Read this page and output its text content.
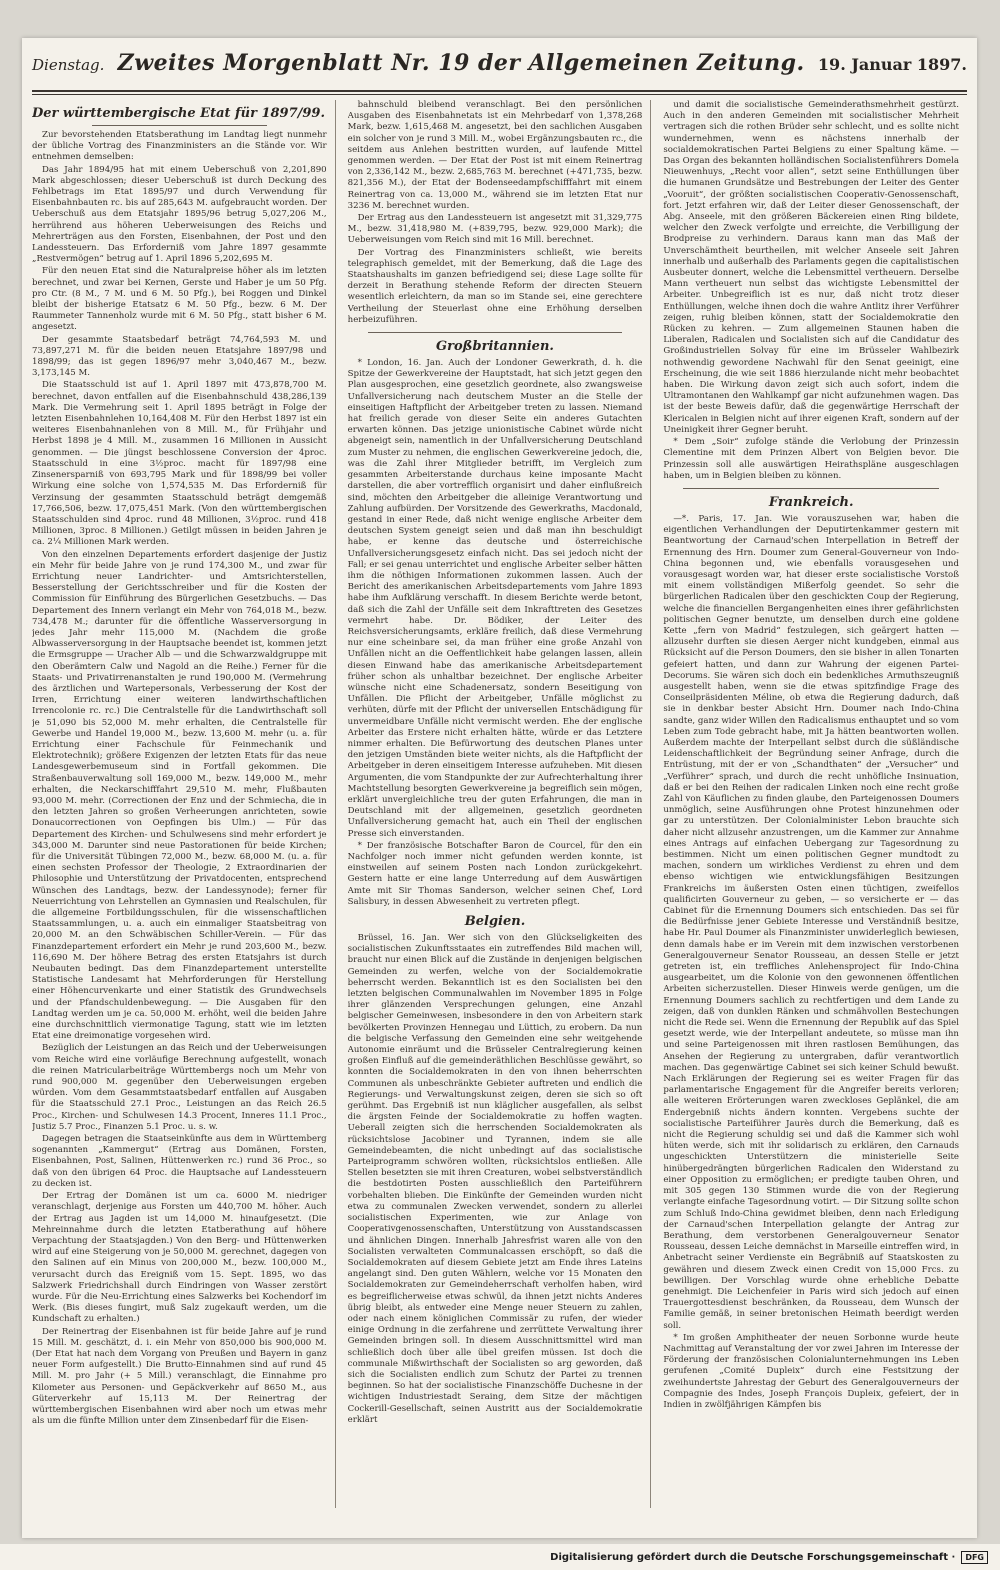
Dienstag. Zweites Morgenblatt Nr. 19 der Allgemeinen Zeitung. 19. Januar 1897.
Der württembergische Etat für 1897/99.

Zur bevorstehenden Etatsberathung im Landtag liegt nunmehr der übliche Vortrag des Finanzministers an die Stände vor. Wir entnehmen demselben:

Das Jahr 1894/95 hat mit einem Ueberschuß von 2,201,890 Mark abgeschlossen; dieser Ueberschuß ist durch Deckung des Fehlbetrags im Etat 1895/97 und durch Verwendung für Eisenbahnbauten rc. bis auf 285,643 M. aufgebraucht worden. Der Ueberschuß aus dem Etatsjahr 1895/96 betrug 5,027,206 M., herrührend aus höheren Ueberweisungen des Reichs und Mehrerträgen aus den Forsten, Eisenbahnen, der Post und den Landessteuern. Das Erforderniß vom Jahre 1897 gesammte „Restvermögen“ betrug auf 1. April 1896 5,202,695 M.

Für den neuen Etat sind die Naturalpreise höher als im letzten berechnet, und zwar bei Kernen, Gerste und Haber je um 50 Pfg. pro Ctr. (8 M., 7 M. und 6 M. 50 Pfg.), bei Roggen und Dinkel bleibt der bisherige Etatsatz 6 M. 50 Pfg., bezw. 6 M. Der Raummeter Tannenholz wurde mit 6 M. 50 Pfg., statt bisher 6 M. angesetzt.

Der gesammte Staatsbedarf beträgt 74,764,593 M. und 73,897,271 M. für die beiden neuen Etatsjahre 1897/98 und 1898/99; das ist gegen 1896/97 mehr 3,040,467 M., bezw. 3,173,145 M.

Die Staatsschuld ist auf 1. April 1897 mit 473,878,700 M. berechnet, davon entfallen auf die Eisenbahnschuld 438,286,139 Mark. Die Vermehrung seit 1. April 1895 beträgt in Folge der letzten Eisenbahnlehen 10,164,408 M. Für den Herbst 1897 ist ein weiteres Eisenbahnanlehen von 8 Mill. M., für Frühjahr und Herbst 1898 je 4 Mill. M., zusammen 16 Millionen in Aussicht genommen. — Die jüngst beschlossene Conversion der 4proc. Staatsschuld in eine 3½proc. macht für 1897/98 eine Zinsenersparniß von 693,795 Mark und für 1898/99 bei voller Wirkung eine solche von 1,574,535 M. Das Erforderniß für Verzinsung der gesammten Staatsschuld beträgt demgemäß 17,766,506, bezw. 17,075,451 Mark. (Von den württembergischen Staatsschulden sind 4proc. rund 48 Millionen, 3½proc. rund 418 Millionen, 3proc. 8 Millionen.) Getilgt müssen in beiden Jahren je ca. 2¼ Millionen Mark werden.

Von den einzelnen Departements erfordert dasjenige der Justiz ein Mehr für beide Jahre von je rund 174,300 M., und zwar für Errichtung neuer Landrichter- und Amtsrichterstellen, Besserstellung der Gerichtsschreiber und für die Kosten der Commission für Einführung des Bürgerlichen Gesetzbuchs. — Das Departement des Innern verlangt ein Mehr von 764,018 M., bezw. 734,478 M.; darunter für die öffentliche Wasserversorgung in jedes Jahr mehr 115,000 M. (Nachdem die große Albwasserversorgung in der Hauptsache beendet ist, kommen jetzt die Ermsgruppe — Uracher Alb — und die Schwarzwaldgruppe mit den Oberämtern Calw und Nagold an die Reihe.) Ferner für die Staats- und Privatirrenanstalten je rund 190,000 M. (Vermehrung des ärztlichen und Wartepersonals, Verbesserung der Kost der Irren, Errichtung einer weiteren landwirthschaftlichen Irrencolonie rc. rc.) Die Centralstelle für die Landwirthschaft soll je 51,090 bis 52,000 M. mehr erhalten, die Centralstelle für Gewerbe und Handel 19,000 M., bezw. 13,600 M. mehr (u. a. für Errichtung einer Fachschule für Feinmechanik und Elektrotechnik); größere Exigenzen der letzten Etats für das neue Landesgewerbemuseum sind in Fortfall gekommen. Die Straßenbauverwaltung soll 169,000 M., bezw. 149,000 M., mehr erhalten, die Neckarschifffahrt 29,510 M. mehr, Flußbauten 93,000 M. mehr. (Correctionen der Enz und der Schmiecha, die in den letzten Jahren so großen Verheerungen anrichteten, sowie Donaucorrectionen von Oepfingen bis Ulm.) — Für das Departement des Kirchen- und Schulwesens sind mehr erfordert je 343,000 M. Darunter sind neue Pastorationen für beide Kirchen; für die Universität Tübingen 72,000 M., bezw. 68,000 M. (u. a. für einen sechsten Professor der Theologie, 2 Extraordinarien der Philosophie und Unterstützung der Privatdocenten, entsprechend Wünschen des Landtags, bezw. der Landessynode); ferner für Neuerrichtung von Lehrstellen an Gymnasien und Realschulen, für die allgemeine Fortbildungsschulen, für die wissenschaftlichen Staatssammlungen, u. a. auch ein einmaliger Staatsbeitrag von 20,000 M. an den Schwäbischen Schiller-Verein. — Für das Finanzdepartement erfordert ein Mehr je rund 203,600 M., bezw. 116,690 M. Der höhere Betrag des ersten Etatsjahrs ist durch Neubauten bedingt. Das dem Finanzdepartement unterstellte Statistische Landesamt hat Mehrforderungen für Herstellung einer Höhencurvenkarte und einer Statistik des Grundwechsels und der Pfandschuldenbewegung. — Die Ausgaben für den Landtag werden um je ca. 50,000 M. erhöht, weil die beiden Jahre eine durchschnittlich viermonatige Tagung, statt wie im letzten Etat eine dreimonatige vorgesehen wird.

Bezüglich der Leistungen an das Reich und der Ueberweisungen vom Reiche wird eine vorläufige Berechnung aufgestellt, wonach die reinen Matricularbeiträge Württembergs noch um Mehr von rund 900,000 M. gegenüber den Ueberweisungen ergeben würden. Vom dem Gesammtstaatsbedarf entfallen auf Ausgaben für die Staatsschuld 27.1 Proc., Leistungen an das Reich 26.5 Proc., Kirchen- und Schulwesen 14.3 Procent, Inneres 11.1 Proc., Justiz 5.7 Proc., Finanzen 5.1 Proc. u. s. w.

Dagegen betragen die Staatseinkünfte aus dem in Württemberg sogenannten „Kammergut“ (Ertrag aus Domänen, Forsten, Eisenbahnen, Post, Salinen, Hüttenwerken rc.) rund 36 Proc., so daß von den übrigen 64 Proc. die Hauptsache auf Landessteuern zu decken ist.

Der Ertrag der Domänen ist um ca. 6000 M. niedriger veranschlagt, derjenige aus Forsten um 440,700 M. höher. Auch der Ertrag aus Jagden ist um 14,000 M. hinaufgesetzt. (Die Mehreinnahme durch die letzten Etatberathung auf höhere Verpachtung der Staatsjagden.) Von den Berg- und Hüttenwerken wird auf eine Steigerung von je 50,000 M. gerechnet, dagegen von den Salinen auf ein Minus von 200,000 M., bezw. 100,000 M., verursacht durch das Ereigniß vom 15. Sept. 1895, wo das Salzwerk Friedrichshall durch Eindringen von Wasser zerstört wurde. Für die Neu-Errichtung eines Salzwerks bei Kochendorf im Werk. (Bis dieses fungirt, muß Salz zugekauft werden, um die Kundschaft zu erhalten.)

Der Reinertrag der Eisenbahnen ist für beide Jahre auf je rund 15 Mill. M. geschätzt, d. i. ein Mehr von 850,000 bis 900,000 M. (Der Etat hat nach dem Vorgang von Preußen und Bayern in ganz neuer Form aufgestellt.) Die Brutto-Einnahmen sind auf rund 45 Mill. M. pro Jahr (+ 5 Mill.) veranschlagt, die Einnahme pro Kilometer aus Personen- und Gepäckverkehr auf 8650 M., aus Güterverkehr auf 15,113 M. Der Reinertrag der württembergischen Eisenbahnen wird aber noch um etwas mehr als um die fünfte Million unter dem Zinsenbedarf für die Eisen-

bahnschuld bleibend veranschlagt. Bei den persönlichen Ausgaben des Eisenbahnetats ist ein Mehrbedarf von 1,378,268 Mark, bezw. 1,615,468 M. angesetzt, bei den sachlichen Ausgaben ein solcher von je rund 3 Mill. M., wobei Ergänzungsbauten rc., die seitdem aus Anlehen bestritten wurden, auf laufende Mittel genommen werden. — Der Etat der Post ist mit einem Reinertrag von 2,336,142 M., bezw. 2,685,763 M. berechnet (+471,735, bezw. 821,356 M.), der Etat der Bodenseedampfschifffahrt mit einem Reinertrag von ca. 13,000 M., während sie im letzten Etat nur 3236 M. berechnet wurden.

Der Ertrag aus den Landessteuern ist angesetzt mit 31,329,775 M., bezw. 31,418,980 M. (+839,795, bezw. 929,000 Mark); die Ueberweisungen vom Reich sind mit 16 Mill. berechnet.

Der Vortrag des Finanzministers schließt, wie bereits telegraphisch gemeldet, mit der Bemerkung, daß die Lage des Staatshaushalts im ganzen befriedigend sei; diese Lage sollte für derzeit in Berathung stehende Reform der directen Steuern wesentlich erleichtern, da man so im Stande sei, eine gerechtere Vertheilung der Steuerlast ohne eine Erhöhung derselben herbeizuführen.

Großbritannien.

* London, 16. Jan. Auch der Londoner Gewerkrath, d. h. die Spitze der Gewerkvereine der Hauptstadt, hat sich jetzt gegen den Plan ausgesprochen, eine gesetzlich geordnete, also zwangsweise Unfallversicherung nach deutschem Muster an die Stelle der einseitigen Haftpflicht der Arbeitgeber treten zu lassen. Niemand hat freilich gerade von dieser Seite ein anderes Gutachten erwarten können. Das jetzige unionistische Cabinet würde nicht abgeneigt sein, namentlich in der Unfallversicherung Deutschland zum Muster zu nehmen, die englischen Gewerkvereine jedoch, die, was die Zahl ihrer Mitglieder betrifft, im Vergleich zum gesammten Arbeiterstande durchaus keine imposante Macht darstellen, die aber vortrefflich organisirt und daher einflußreich sind, möchten den Arbeitgeber die alleinige Verantwortung und Zahlung aufbürden. Der Vorsitzende des Gewerkraths, Macdonald, gestand in einer Rede, daß nicht wenige englische Arbeiter dem deutschen System geneigt seien und daß man ihn beschuldigt habe, er kenne das deutsche und österreichische Unfallversicherungsgesetz einfach nicht. Das sei jedoch nicht der Fall; er sei genau unterrichtet und englische Arbeiter selber hätten ihm die nöthigen Informationen zukommen lassen. Auch der Bericht des amerikanischen Arbeitsdepartements vom Jahre 1893 habe ihm Aufklärung verschafft. In diesem Berichte werde betont, daß sich die Zahl der Unfälle seit dem Inkrafttreten des Gesetzes vermehrt habe. Dr. Bödiker, der Leiter des Reichsversicherungsamts, erkläre freilich, daß diese Vermehrung nur eine scheinbare sei, da man früher eine große Anzahl von Unfällen nicht an die Oeffentlichkeit habe gelangen lassen, allein diesen Einwand habe das amerikanische Arbeitsdepartement früher schon als unhaltbar bezeichnet. Der englische Arbeiter wünsche nicht eine Schadenersatz, sondern Beseitigung von Unfällen. Die Pflicht der Arbeitgeber, Unfälle möglichst zu verhüten, dürfe mit der Pflicht der universellen Entschädigung für unvermeidbare Unfälle nicht vermischt werden. Ehe der englische Arbeiter das Erstere nicht erhalten hätte, würde er das Letztere nimmer erhalten. Die Befürwortung des deutschen Planes unter den jetzigen Umständen biete weiter nichts, als die Haftpflicht der Arbeitgeber in deren einseitigem Interesse aufzuheben. Mit diesen Argumenten, die vom Standpunkte der zur Aufrechterhaltung ihrer Machtstellung besorgten Gewerkvereine ja begreiflich sein mögen, erklärt unvergleichliche treu der guten Erfahrungen, die man in Deutschland mit der allgemeinen, gesetzlich geordneten Unfallversicherung gemacht hat, auch ein Theil der englischen Presse sich einverstanden.

* Der französische Botschafter Baron de Courcel, für den ein Nachfolger noch immer nicht gefunden werden konnte, ist einstweilen auf seinem Posten nach London zurückgekehrt. Gestern hatte er eine lange Unterredung auf dem Auswärtigen Amte mit Sir Thomas Sanderson, welcher seinen Chef, Lord Salisbury, in dessen Abwesenheit zu vertreten pflegt.

Belgien.

Brüssel, 16. Jan. Wer sich von den Glückseligkeiten des socialistischen Zukunftsstaates ein zutreffendes Bild machen will, braucht nur einen Blick auf die Zustände in denjenigen belgischen Gemeinden zu werfen, welche von der Socialdemokratie beherrscht werden. Bekanntlich ist es den Socialisten bei den letzten belgischen Communalwahlen im November 1895 in Folge ihrer glänzenden Versprechungen gelungen, eine Anzahl belgischer Gemeinwesen, insbesondere in den von Arbeitern stark bevölkerten Provinzen Hennegau und Lüttich, zu erobern. Da nun die belgische Verfassung den Gemeinden eine sehr weitgehende Autonomie einräumt und die Brüsseler Centralregierung keinen großen Einfluß auf die gemeinderäthlichen Beschlüsse gewährt, so konnten die Socialdemokraten in den von ihnen beherrschten Communen als unbeschränkte Gebieter auftreten und endlich die Regierungs- und Verwaltungskunst zeigen, deren sie sich so oft gerühmt. Das Ergebniß ist nun kläglicher ausgefallen, als selbst die ärgsten Feinde der Socialdemokratie zu hoffen wagten. Ueberall zeigten sich die herrschenden Socialdemokraten als rücksichtslose Jacobiner und Tyrannen, indem sie alle Gemeindebeamten, die nicht unbedingt auf das socialistische Parteiprogramm schwören wollten, rücksichtslos entließen. Alle Stellen besetzten sie mit ihren Creaturen, wobei selbstverständlich die bestdotirten Posten ausschließlich den Parteiführern vorbehalten blieben. Die Einkünfte der Gemeinden wurden nicht etwa zu communalen Zwecken verwendet, sondern zu allerlei socialistischen Experimenten, wie zur Anlage von Cooperativgenossenschaften, Unterstützung von Ausstandscassen und ähnlichen Dingen. Innerhalb Jahresfrist waren alle von den Socialisten verwalteten Communalcassen erschöpft, so daß die Socialdemokraten auf diesem Gebiete jetzt am Ende ihres Lateins angelangt sind. Den guten Wählern, welche vor 15 Monaten den Socialdemokraten zur Gemeindeherrschaft verholfen haben, wird es begreiflicherweise etwas schwül, da ihnen jetzt nichts Anderes übrig bleibt, als entweder eine Menge neuer Steuern zu zahlen, oder nach einem königlichen Commissär zu rufen, der wieder einige Ordnung in die zerfahrene und zerrüttete Verwaltung ihrer Gemeinden bringen soll. In diesem Ausschnittsmittel wird man schließlich doch über alle übel greifen müssen. Ist doch die communale Mißwirthschaft der Socialisten so arg geworden, daß sich die Socialisten endlich zum Schutz der Partei zu trennen beginnen. So hat der socialistische Finanzschöffe Duchesne in der wichtigen Industriestadt Seraing, dem Sitze der mächtigen Cockerill-Gesellschaft, seinen Austritt aus der Socialdemokratie erklärt

und damit die socialistische Gemeinderathsmehrheit gestürzt. Auch in den anderen Gemeinden mit socialistischer Mehrheit vertragen sich die rothen Brüder sehr schlecht, und es sollte nicht wundernehmen, wenn es nächstens innerhalb der socialdemokratischen Partei Belgiens zu einer Spaltung käme. — Das Organ des bekannten holländischen Socialistenführers Domela Nieuwenhuys, „Recht voor allen“, setzt seine Enthüllungen über die humanen Grundsätze und Bestrebungen der Leiter des Genter „Vooruit“, der größten socialistischen Cooperativ-Genossenschaft, fort. Jetzt erfahren wir, daß der Leiter dieser Genossenschaft, der Abg. Anseele, mit den größeren Bäckereien einen Ring bildete, welcher den Zweck verfolgte und erreichte, die Verbilligung der Brodpreise zu verhindern. Daraus kann man das Maß der Unverschämtheit beurtheilen, mit welcher Anseele seit Jahren innerhalb und außerhalb des Parlaments gegen die capitalistischen Ausbeuter donnert, welche die Lebensmittel vertheuern. Derselbe Mann vertheuert nun selbst das wichtigste Lebensmittel der Arbeiter. Unbegreiflich ist es nur, daß nicht trotz dieser Enthüllungen, welche ihnen doch die wahre Antlitz ihrer Verführer zeigen, ruhig bleiben können, statt der Socialdemokratie den Rücken zu kehren. — Zum allgemeinen Staunen haben die Liberalen, Radicalen und Socialisten sich auf die Candidatur des Großindustriellen Solvay für eine im Brüsseler Wahlbezirk nothwendig gewordene Nachwahl für den Senat geeinigt, eine Erscheinung, die wie seit 1886 hierzulande nicht mehr beobachtet haben. Die Wirkung davon zeigt sich auch sofort, indem die Ultramontanen den Wahlkampf gar nicht aufzunehmen wagen. Das ist der beste Beweis dafür, daß die gegenwärtige Herrschaft der Klericalen in Belgien nicht auf ihrer eigenen Kraft, sondern auf der Uneinigkeit ihrer Gegner beruht.

* Dem „Soir“ zufolge stände die Verlobung der Prinzessin Clementine mit dem Prinzen Albert von Belgien bevor. Die Prinzessin soll alle auswärtigen Heirathspläne ausgeschlagen haben, um in Belgien bleiben zu können.

Frankreich.

—*. Paris, 17. Jan. Wie vorauszusehen war, haben die eigentlichen Verhandlungen der Deputirtenkammer gestern mit Beantwortung der Carnaud'schen Interpellation in Betreff der Ernennung des Hrn. Doumer zum General-Gouverneur von Indo-China begonnen und, wie ebenfalls vorausgesehen und vorausgesagt worden war, hat dieser erste socialistische Vorstoß mit einem vollständigen Mißerfolg geendet. So sehr die bürgerlichen Radicalen über den geschickten Coup der Regierung, welche die financiellen Bergangenheiten eines ihrer gefährlichsten politischen Gegner benutzte, um denselben durch eine goldene Kette „fern von Madrid“ festzulegen, sich geärgert hatten — allzusehr durften sie diesen Aerger nicht kundgeben, einmal aus Rücksicht auf die Person Doumers, den sie bisher in allen Tonarten gefeiert hatten, und dann zur Wahrung der eigenen Partei-Decorums. Sie wären sich doch ein bedenkliches Armuthszeugniß ausgestellt haben, wenn sie die etwas spitzfindige Frage des Conseilpräsidenten Méline, ob etwa die Regierung dadurch, daß sie in denkbar bester Absicht Hrn. Doumer nach Indo-China sandte, ganz wider Willen den Radicalismus enthauptet und so vom Leben zum Tode gebracht habe, mit Ja hätten beantworten wollen. Außerdem machte der Interpellant selbst durch die süßländische Leidenschaftlichkeit der Begründung seiner Anfrage, durch die Entrüstung, mit der er von „Schandthaten“ der „Versucher“ und „Verführer“ sprach, und durch die recht unhöfliche Insinuation, daß er bei den Reihen der radicalen Linken noch eine recht große Zahl von Käuflichen zu finden glaube, den Parteigenossen Doumers unmöglich, seine Ausführungen ohne Protest hinzunehmen oder gar zu unterstützen. Der Colonialminister Lebon brauchte sich daher nicht allzusehr anzustrengen, um die Kammer zur Annahme eines Antrags auf einfachen Uebergang zur Tagesordnung zu bestimmen. Nicht um einen politischen Gegner mundtodt zu machen, sondern um wirkliches Verdienst zu ehren und dem ebenso wichtigen wie entwicklungsfähigen Besitzungen Frankreichs im äußersten Osten einen tüchtigen, zweifellos qualificirten Gouverneur zu geben, — so versicherte er — das Cabinet für die Ernennung Doumers sich entschieden. Das sei für die Bedürfnisse jener Gebiete Interesse und Verständniß besitze, habe Hr. Paul Doumer als Finanzminister unwiderleglich bewiesen, denn damals habe er im Verein mit dem inzwischen verstorbenen Generalgouverneur Senator Rousseau, an dessen Stelle er jetzt getreten ist, ein treffliches Anlehensproject für Indo-China ausgearbeitet, um die Kolonie von den gewonnenen öffentlichen Arbeiten sicherzustellen. Dieser Hinweis werde genügen, um die Ernennung Doumers sachlich zu rechtfertigen und dem Lande zu zeigen, daß von dunklen Ränken und schmähvollen Bestechungen nicht die Rede sei. Wenn die Ernennung der Republik auf das Spiel gesetzt werde, wie der Interpellant andeutete, so müsse man ihn und seine Parteigenossen mit ihren rastlosen Bemühungen, das Ansehen der Regierung zu untergraben, dafür verantwortlich machen. Das gegenwärtige Cabinet sei sich keiner Schuld bewußt. Nach Erklärungen der Regierung sei es weiter Fragen für das parlamentarische Engagement für die Angreifer bereits verloren; alle weiteren Erörterungen waren zweckloses Geplänkel, die am Endergebniß nichts ändern konnten. Vergebens suchte der socialistische Parteiführer Jaurès durch die Bemerkung, daß es nicht die Regierung schuldig sei und daß die Kammer sich wohl hüten werde, sich mit ihr solidarisch zu erklären, den Carnauds ungeschickten Unterstützern die ministerielle Seite hinübergedrängten bürgerlichen Radicalen den Widerstand zu einer Opposition zu ermöglichen; er predigte tauben Ohren, und mit 305 gegen 130 Stimmen wurde die von der Regierung verlangte einfache Tagesordnung votirt. — Dir Sitzung sollte schon zum Schluß Indo-China gewidmet bleiben, denn nach Erledigung der Carnaud'schen Interpellation gelangte der Antrag zur Berathung, dem verstorbenen Generalgouverneur Senator Rousseau, dessen Leiche demnächst in Marseille eintreffen wird, in Anbetracht seiner Verdienste ein Begräbniß auf Staatskosten zu gewähren und diesem Zweck einen Credit von 15,000 Frcs. zu bewilligen. Der Vorschlag wurde ohne erhebliche Debatte genehmigt. Die Leichenfeier in Paris wird sich jedoch auf einen Trauergottesdienst beschränken, da Rousseau, dem Wunsch der Familie gemäß, in seiner bretonischen Heimath beerdigt werden soll.

* Im großen Amphitheater der neuen Sorbonne wurde heute Nachmittag auf Veranstaltung der vor zwei Jahren im Interesse der Förderung der französischen Colonialunternehmungen ins Leben gerufenen „Comité Dupleix“ durch eine Festsitzung der zweihundertste Jahrestag der Geburt des Generalgouverneurs der Compagnie des Indes, Joseph François Dupleix, gefeiert, der in Indien in zwölfjährigen Kämpfen bis

Digitalisierung gefördert durch die Deutsche Forschungsgemeinschaft ·	DFG
